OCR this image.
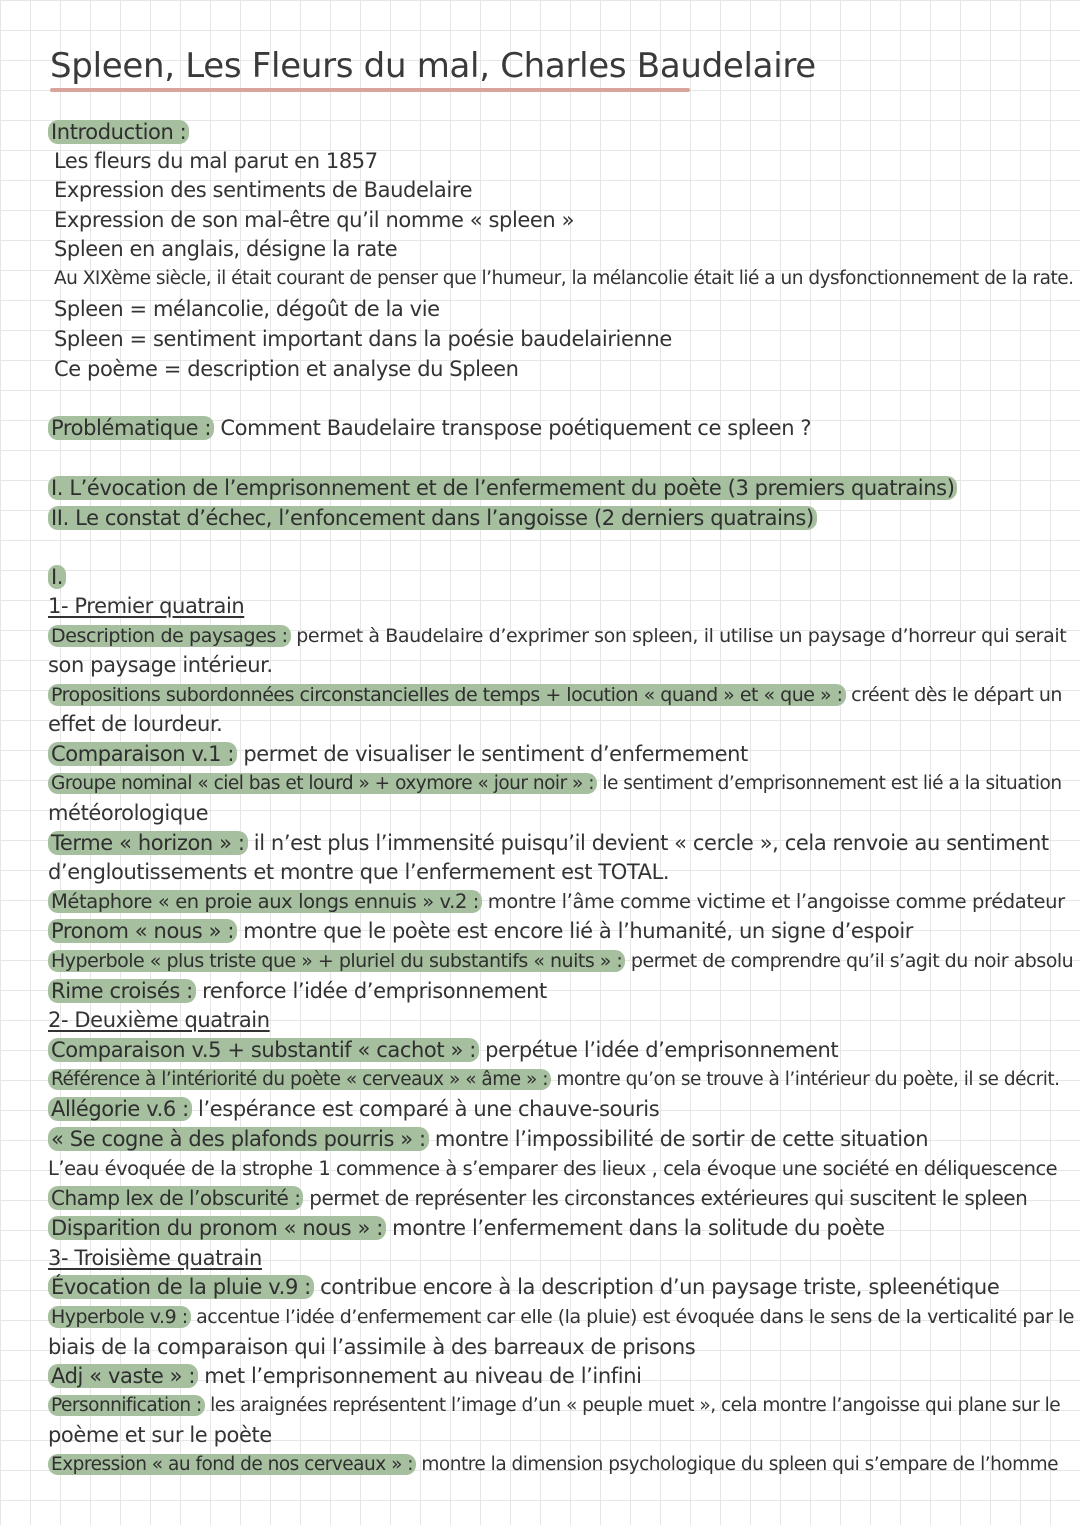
Spleen, Les Fleurs du mal, Charles Baudelaire
Introduction :
Les fleurs du mal parut en 1857
Expression des sentiments de Baudelaire
Expression de son mal-être qu’il nomme « spleen »
Spleen en anglais, désigne la rate
Au XIXème siècle, il était courant de penser que l’humeur, la mélancolie était lié a un dysfonctionnement de la rate.
Spleen = mélancolie, dégoût de la vie
Spleen = sentiment important dans la poésie baudelairienne
Ce poème = description et analyse du Spleen
Problématique : Comment Baudelaire transpose poétiquement ce spleen ?
I. L’évocation de l’emprisonnement et de l’enfermement du poète (3 premiers quatrains)
II. Le constat d’échec, l’enfoncement dans l’angoisse (2 derniers quatrains)
I.
1- Premier quatrain
Description de paysages : permet à Baudelaire d’exprimer son spleen, il utilise un paysage d’horreur qui serait
son paysage intérieur.
Propositions subordonnées circonstancielles de temps + locution « quand » et « que » : créent dès le départ un
effet de lourdeur.
Comparaison v.1 : permet de visualiser le sentiment d’enfermement
Groupe nominal « ciel bas et lourd » + oxymore « jour noir » : le sentiment d’emprisonnement est lié a la situation
météorologique
Terme « horizon » : il n’est plus l’immensité puisqu’il devient « cercle », cela renvoie au sentiment
d’engloutissements et montre que l’enfermement est TOTAL.
Métaphore « en proie aux longs ennuis » v.2 : montre l’âme comme victime et l’angoisse comme prédateur
Pronom « nous » : montre que le poète est encore lié à l’humanité, un signe d’espoir
Hyperbole « plus triste que » + pluriel du substantifs « nuits » : permet de comprendre qu’il s’agit du noir absolu
Rime croisés : renforce l’idée d’emprisonnement
2- Deuxième quatrain
Comparaison v.5 + substantif « cachot » : perpétue l’idée d’emprisonnement
Référence à l’intériorité du poète « cerveaux » « âme » : montre qu’on se trouve à l’intérieur du poète, il se décrit.
Allégorie v.6 : l’espérance est comparé à une chauve-souris
« Se cogne à des plafonds pourris » : montre l’impossibilité de sortir de cette situation
L’eau évoquée de la strophe 1 commence à s’emparer des lieux , cela évoque une société en déliquescence
Champ lex de l’obscurité : permet de représenter les circonstances extérieures qui suscitent le spleen
Disparition du pronom « nous » : montre l’enfermement dans la solitude du poète
3- Troisième quatrain
Évocation de la pluie v.9 : contribue encore à la description d’un paysage triste, spleenétique
Hyperbole v.9 : accentue l’idée d’enfermement car elle (la pluie) est évoquée dans le sens de la verticalité par le
biais de la comparaison qui l’assimile à des barreaux de prisons
Adj « vaste » : met l’emprisonnement au niveau de l’infini
Personnification : les araignées représentent l’image d’un « peuple muet », cela montre l’angoisse qui plane sur le
poème et sur le poète
Expression « au fond de nos cerveaux » : montre la dimension psychologique du spleen qui s’empare de l’homme
